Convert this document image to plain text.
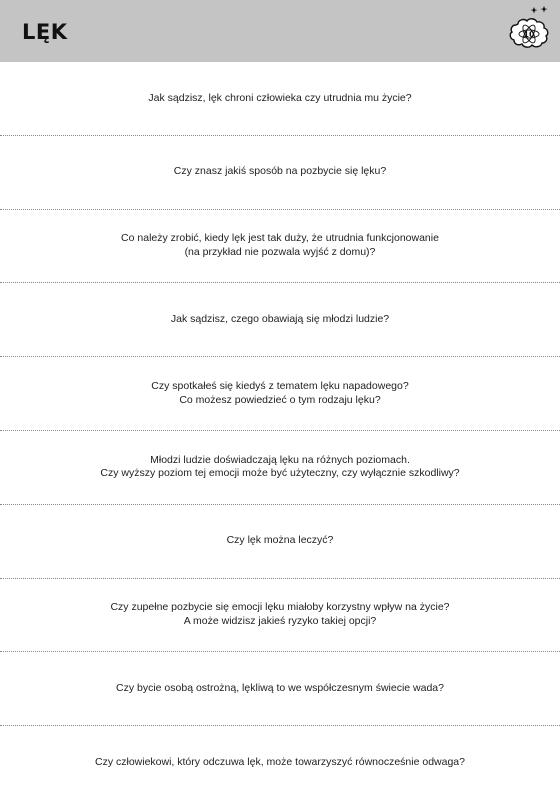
LĘK	10
Jak sądzisz, lęk chroni człowieka czy utrudnia mu życie?
Czy znasz jakiś sposób na pozbycie się lęku?
Co należy zrobić, kiedy lęk jest tak duży, że utrudnia funkcjonowanie
(na przykład nie pozwala wyjść z domu)?
Jak sądzisz, czego obawiają się młodzi ludzie?
Czy spotkałeś się kiedyś z tematem lęku napadowego?
Co możesz powiedzieć o tym rodzaju lęku?
Młodzi ludzie doświadczają lęku na różnych poziomach.
Czy wyższy poziom tej emocji może być użyteczny, czy wyłącznie szkodliwy?
Czy lęk można leczyć?
Czy zupełne pozbycie się emocji lęku miałoby korzystny wpływ na życie?
A może widzisz jakieś ryzyko takiej opcji?
Czy bycie osobą ostrożną, lękliwą to we współczesnym świecie wada?
Czy człowiekowi, który odczuwa lęk, może towarzyszyć równocześnie odwaga?
